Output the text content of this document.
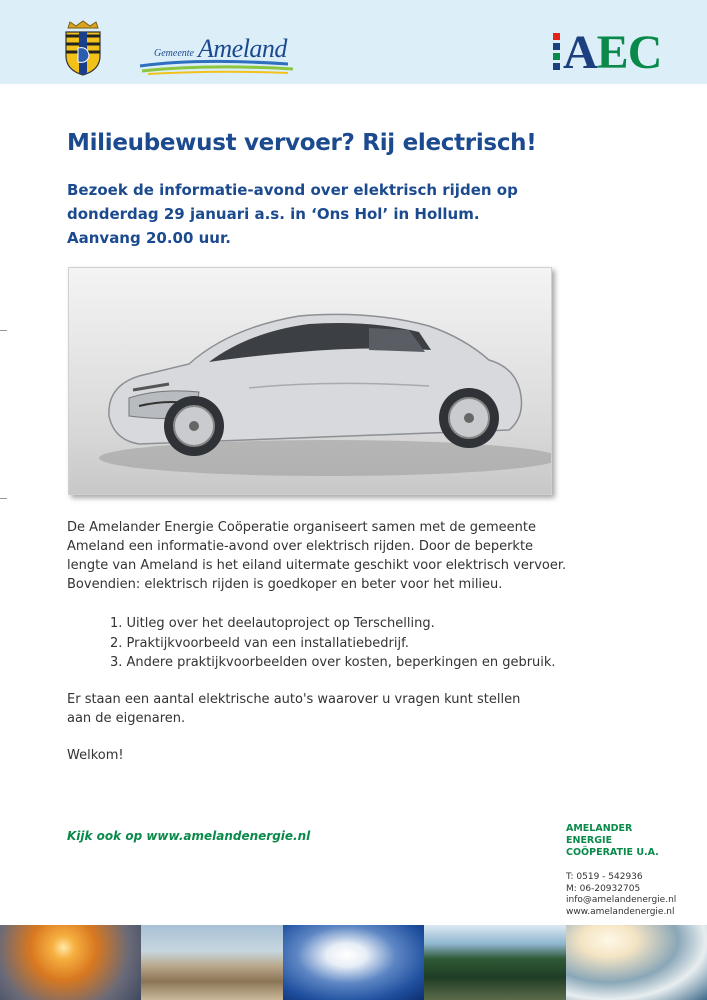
Gemeente Ameland	AEC
Milieubewust vervoer? Rij electrisch!
Bezoek de informatie-avond over elektrisch rijden op
donderdag 29 januari a.s. in ‘Ons Hol’ in Hollum.
Aanvang 20.00 uur.
De Amelander Energie Coöperatie organiseert samen met de gemeente
Ameland een informatie-avond over elektrisch rijden. Door de beperkte
lengte van Ameland is het eiland uitermate geschikt voor elektrisch vervoer.
Bovendien: elektrisch rijden is goedkoper en beter voor het milieu.
1. Uitleg over het deelautoproject op Terschelling.
2. Praktijkvoorbeeld van een installatiebedrijf.
3. Andere praktijkvoorbeelden over kosten, beperkingen en gebruik.
Er staan een aantal elektrische auto's waarover u vragen kunt stellen
aan de eigenaren.
Welkom!
Kijk ook op www.amelandenergie.nl
AMELANDER
ENERGIE
COÖPERATIE U.A.
T: 0519 - 542936
M: 06-20932705
info@amelandenergie.nl
www.amelandenergie.nl
